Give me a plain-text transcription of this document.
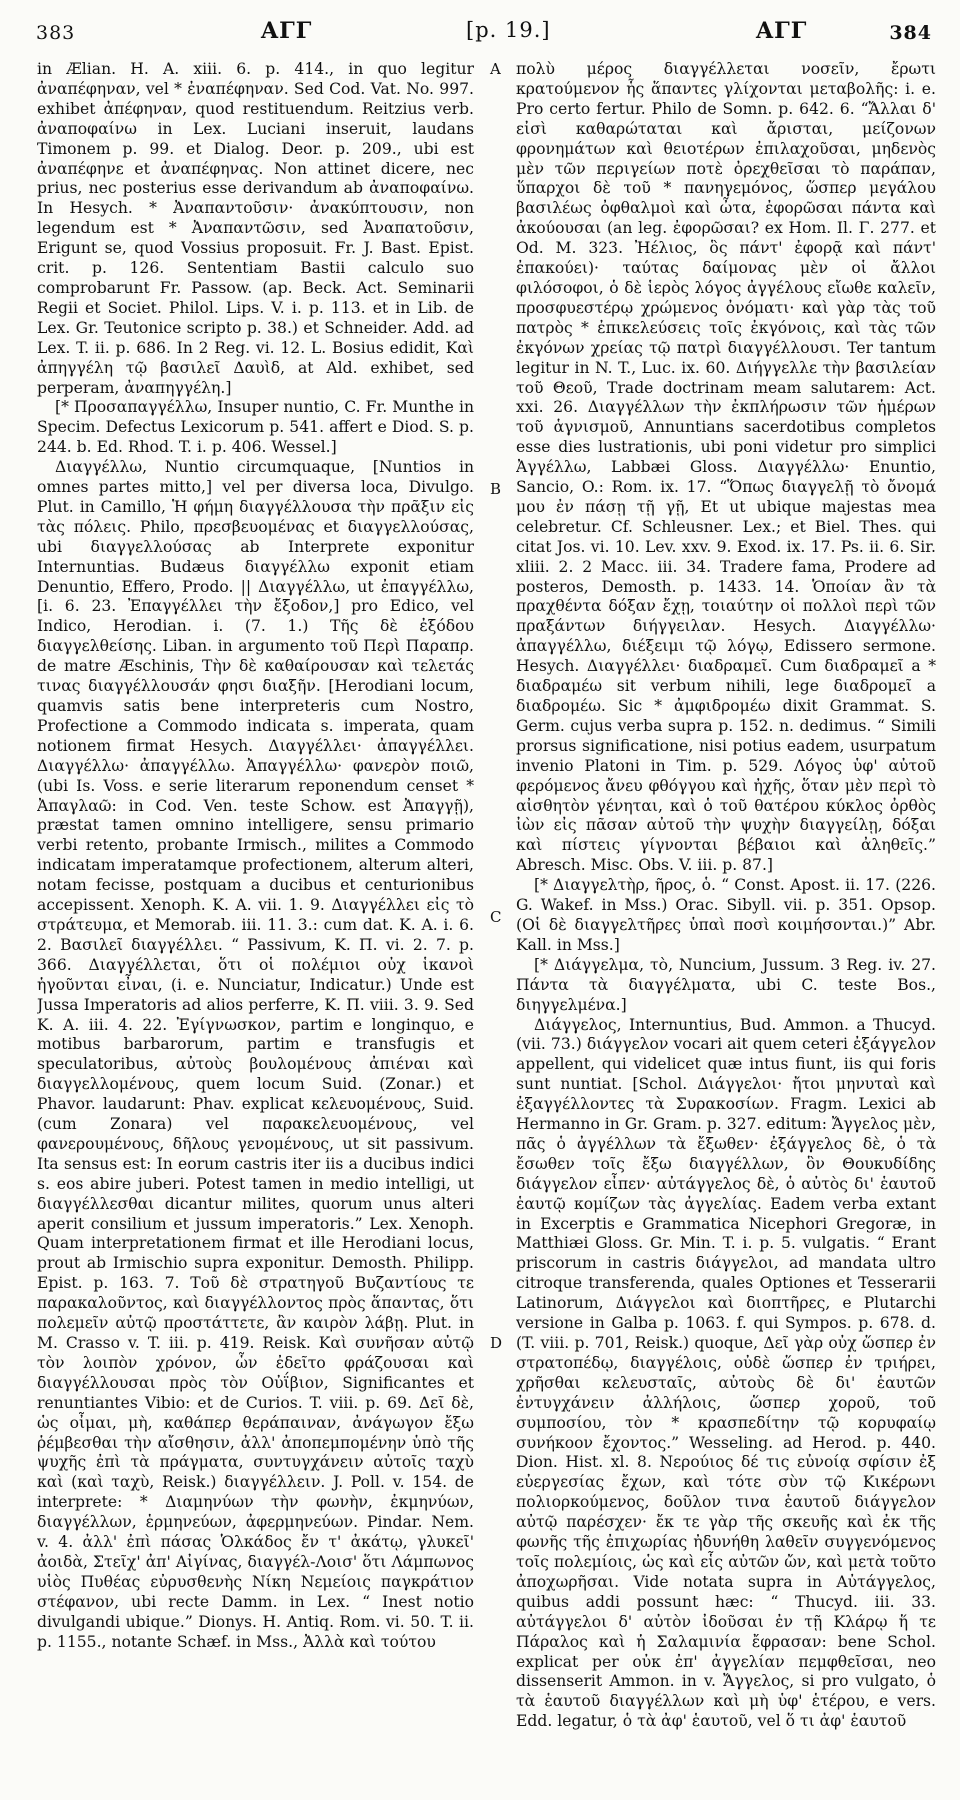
383	ΑΓΓ	[p. 19.]	ΑΓΓ	384

in Ælian. H. A. xiii. 6. p. 414., in quo legitur ἀναπέφηναν, vel * ἐναπέφηναν. Sed Cod. Vat. No. 997. exhibet ἀπέφηναν, quod restituendum. Reitzius verb. ἀναποφαίνω in Lex. Luciani inseruit, laudans Timonem p. 99. et Dialog. Deor. p. 209., ubi est ἀναπέφηνε et ἀναπέφηνας. Non attinet dicere, nec prius, nec posterius esse derivandum ab ἀναποφαίνω. In Hesych. * Ἀναπαντοῦσιν· ἀνακύπτουσιν, non legendum est * Ἀναπαντῶσιν, sed Ἀναπατοῦσιν, Erigunt se, quod Vossius proposuit. Fr. J. Bast. Epist. crit. p. 126. Sententiam Bastii calculo suo comprobarunt Fr. Passow. (ap. Beck. Act. Seminarii Regii et Societ. Philol. Lips. V. i. p. 113. et in Lib. de Lex. Gr. Teutonice scripto p. 38.) et Schneider. Add. ad Lex. T. ii. p. 686. In 2 Reg. vi. 12. L. Bosius edidit, Καὶ ἀπηγγέλη τῷ βασιλεῖ Δαυὶδ, at Ald. exhibet, sed perperam, ἀναπηγγέλη.]

[* Προσαπαγγέλλω, Insuper nuntio, C. Fr. Munthe in Specim. Defectus Lexicorum p. 541. affert e Diod. S. p. 244. b. Ed. Rhod. T. i. p. 406. Wessel.]

Διαγγέλλω, Nuntio circumquaque, [Nuntios in omnes partes mitto,] vel per diversa loca, Divulgo. Plut. in Camillo, Ἡ φήμη διαγγέλλουσα τὴν πρᾶξιν εἰς τὰς πόλεις. Philo, πρεσβευομένας et διαγγελλούσας, ubi διαγγελλούσας ab Interprete exponitur Internuntias. Budæus διαγγέλλω exponit etiam Denuntio, Effero, Prodo. || Διαγγέλλω, ut ἐπαγγέλλω, [i. 6. 23. Ἐπαγγέλλει τὴν ἔξοδον,] pro Edico, vel Indico, Herodian. i. (7. 1.) Τῆς δὲ ἐξόδου διαγγελθείσης. Liban. in argumento τοῦ Περὶ Παραπρ. de matre Æschinis, Τὴν δὲ καθαίρουσαν καὶ τελετάς τινας διαγγέλλουσάν φησι διαξῆν. [Herodiani locum, quamvis satis bene interpreteris cum Nostro, Profectione a Commodo indicata s. imperata, quam notionem firmat Hesych. Διαγγέλλει· ἀπαγγέλλει. Διαγγέλλω· ἀπαγγέλλω. Ἀπαγγέλλω· φανερὸν ποιῶ, (ubi Is. Voss. e serie literarum reponendum censet * Ἀπαγλαῶ: in Cod. Ven. teste Schow. est Ἀπαγγῇ), præstat tamen omnino intelligere, sensu primario verbi retento, probante Irmisch., milites a Commodo indicatam imperatamque profectionem, alterum alteri, notam fecisse, postquam a ducibus et centurionibus accepissent. Xenoph. K. A. vii. 1. 9. Διαγγέλλει εἰς τὸ στράτευμα, et Memorab. iii. 11. 3.: cum dat. K. A. i. 6. 2. Βασιλεῖ διαγγέλλει. “ Passivum, K. Π. vi. 2. 7. p. 366. Διαγγέλλεται, ὅτι οἱ πολέμιοι οὐχ ἱκανοὶ ἡγοῦνται εἶναι, (i. e. Nunciatur, Indicatur.) Unde est Jussa Imperatoris ad alios perferre, K. Π. viii. 3. 9. Sed K. A. iii. 4. 22. Ἐγίγνωσκον, partim e longinquo, e motibus barbarorum, partim e transfugis et speculatoribus, αὐτοὺς βουλομένους ἀπιέναι καὶ διαγγελλομένους, quem locum Suid. (Zonar.) et Phavor. laudarunt: Phav. explicat κελευομένους, Suid. (cum Zonara) vel παρακελευομένους, vel φανερουμένους, δῆλους γενομένους, ut sit passivum. Ita sensus est: In eorum castris iter iis a ducibus indici s. eos abire juberi. Potest tamen in medio intelligi, ut διαγγέλλεσθαι dicantur milites, quorum unus alteri aperit consilium et jussum imperatoris.” Lex. Xenoph. Quam interpretationem firmat et ille Herodiani locus, prout ab Irmischio supra exponitur. Demosth. Philipp. Epist. p. 163. 7. Τοῦ δὲ στρατηγοῦ Βυζαντίους τε παρακαλοῦντος, καὶ διαγγέλλοντος πρὸς ἅπαντας, ὅτι πολεμεῖν αὐτῷ προστάττετε, ἂν καιρὸν λάβῃ. Plut. in M. Crasso v. T. iii. p. 419. Reisk. Καὶ συνῆσαν αὐτῷ τὸν λοιπὸν χρόνον, ὧν ἐδεῖτο φράζουσαι καὶ διαγγέλλουσαι πρὸς τὸν Οὐΐβιον, Significantes et renuntiantes Vibio: et de Curios. T. viii. p. 69. Δεῖ δὲ, ὡς οἶμαι, μὴ, καθάπερ θεράπαιναν, ἀνάγωγον ἔξω ῥέμβεσθαι τὴν αἴσθησιν, ἀλλ' ἀποπεμπομένην ὑπὸ τῆς ψυχῆς ἐπὶ τὰ πράγματα, συντυγχάνειν αὐτοῖς ταχὺ καὶ (καὶ ταχὺ, Reisk.) διαγγέλλειν. J. Poll. v. 154. de interprete: * Διαμηνύων τὴν φωνὴν, ἐκμηνύων, διαγγέλλων, ἑρμηνεύων, ἀφερμηνεύων. Pindar. Nem. v. 4. ἀλλ' ἐπὶ πάσας Ὁλκάδος ἔν τ' ἀκάτῳ, γλυκεῖ' ἀοιδὰ, Στεῖχ' ἀπ' Αἰγίνας, διαγγέλ-Λοισ' ὅτι Λάμπωνος υἱὸς Πυθέας εὐρυσθενὴς Νίκη Νεμείοις παγκράτιον στέφανον, ubi recte Damm. in Lex. “ Inest notio divulgandi ubique.” Dionys. H. Antiq. Rom. vi. 50. T. ii. p. 1155., notante Schæf. in Mss., Ἀλλὰ καὶ τούτου

A
B
C
D

πολὺ μέρος διαγγέλλεται νοσεῖν, ἔρωτι κρατούμενον ἧς ἅπαντες γλίχονται μεταβολῆς: i. e. Pro certo fertur. Philo de Somn. p. 642. 6. “Ἄλλαι δ' εἰσὶ καθαρώταται καὶ ἄρισται, μείζονων φρονημάτων καὶ θειοτέρων ἐπιλαχοῦσαι, μηδενὸς μὲν τῶν περιγείων ποτὲ ὀρεχθεῖσαι τὸ παράπαν, ὕπαρχοι δὲ τοῦ * πανηγεμόνος, ὥσπερ μεγάλου βασιλέως ὀφθαλμοὶ καὶ ὦτα, ἐφορῶσαι πάντα καὶ ἀκούουσαι (an leg. ἐφορῶσαι? ex Hom. Il. Γ. 277. et Od. M. 323. Ἠέλιος, ὃς πάντ' ἐφορᾷ καὶ πάντ' ἐπακούει)· ταύτας δαίμονας μὲν οἱ ἄλλοι φιλόσοφοι, ὁ δὲ ἱερὸς λόγος ἀγγέλους εἴωθε καλεῖν, προσφυεστέρῳ χρώμενος ὀνόματι· καὶ γὰρ τὰς τοῦ πατρὸς * ἐπικελεύσεις τοῖς ἐκγόνοις, καὶ τὰς τῶν ἐκγόνων χρείας τῷ πατρὶ διαγγέλλουσι. Ter tantum legitur in N. T., Luc. ix. 60. Διήγγελλε τὴν βασιλείαν τοῦ Θεοῦ, Trade doctrinam meam salutarem: Act. xxi. 26. Διαγγέλλων τὴν ἐκπλήρωσιν τῶν ἡμέρων τοῦ ἁγνισμοῦ, Annuntians sacerdotibus completos esse dies lustrationis, ubi poni videtur pro simplici Ἀγγέλλω, Labbæi Gloss. Διαγγέλλω· Enuntio, Sancio, O.: Rom. ix. 17. “Ὅπως διαγγελῇ τὸ ὄνομά μου ἐν πάσῃ τῇ γῇ, Et ut ubique majestas mea celebretur. Cf. Schleusner. Lex.; et Biel. Thes. qui citat Jos. vi. 10. Lev. xxv. 9. Exod. ix. 17. Ps. ii. 6. Sir. xliii. 2. 2 Macc. iii. 34. Tradere fama, Prodere ad posteros, Demosth. p. 1433. 14. Ὁποίαν ἂν τὰ πραχθέντα δόξαν ἔχῃ, τοιαύτην οἱ πολλοὶ περὶ τῶν πραξάντων διήγγειλαν. Hesych. Διαγγέλλω· ἀπαγγέλλω, διέξειμι τῷ λόγῳ, Edissero sermone. Hesych. Διαγγέλλει· διαδραμεῖ. Cum διαδραμεῖ a * διαδραμέω sit verbum nihili, lege διαδρομεῖ a διαδρομέω. Sic * ἀμφιδρομέω dixit Grammat. S. Germ. cujus verba supra p. 152. n. dedimus. “ Simili prorsus significatione, nisi potius eadem, usurpatum invenio Platoni in Tim. p. 529. Λόγος ὑφ' αὐτοῦ φερόμενος ἄνευ φθόγγου καὶ ἠχῆς, ὅταν μὲν περὶ τὸ αἰσθητὸν γένηται, καὶ ὁ τοῦ θατέρου κύκλος ὀρθὸς ἰὼν εἰς πᾶσαν αὐτοῦ τὴν ψυχὴν διαγγείλῃ, δόξαι καὶ πίστεις γίγνονται βέβαιοι καὶ ἀληθεῖς.” Abresch. Misc. Obs. V. iii. p. 87.]

[* Διαγγελτὴρ, ῆρος, ὁ. “ Const. Apost. ii. 17. (226. G. Wakef. in Mss.) Orac. Sibyll. vii. p. 351. Opsop. (Οἱ δὲ διαγγελτῆρες ὑπαὶ ποσὶ κοιμήσονται.)” Abr. Kall. in Mss.]

[* Διάγγελμα, τὸ, Nuncium, Jussum. 3 Reg. iv. 27. Πάντα τὰ διαγγέλματα, ubi C. teste Bos., διηγγελμένα.]

Διάγγελος, Internuntius, Bud. Ammon. a Thucyd. (vii. 73.) διάγγελον vocari ait quem ceteri ἐξάγγελον appellent, qui videlicet quæ intus fiunt, iis qui foris sunt nuntiat. [Schol. Διάγγελοι· ἤτοι μηνυταὶ καὶ ἐξαγγέλλοντες τὰ Συρακοσίων. Fragm. Lexici ab Hermanno in Gr. Gram. p. 327. editum: Ἄγγελος μὲν, πᾶς ὁ ἀγγέλλων τὰ ἔξωθεν· ἐξάγγελος δὲ, ὁ τὰ ἔσωθεν τοῖς ἔξω διαγγέλλων, ὃν Θουκυδίδης διάγγελον εἶπεν· αὐτάγγελος δὲ, ὁ αὐτὸς δι' ἑαυτοῦ ἑαυτῷ κομίζων τὰς ἀγγελίας. Eadem verba extant in Excerptis e Grammatica Nicephori Gregoræ, in Matthiæi Gloss. Gr. Min. T. i. p. 5. vulgatis. “ Erant priscorum in castris διάγγελοι, ad mandata ultro citroque transferenda, quales Optiones et Tesserarii Latinorum, Διάγγελοι καὶ διοπτῆρες, e Plutarchi versione in Galba p. 1063. f. qui Sympos. p. 678. d. (T. viii. p. 701, Reisk.) quoque, Δεῖ γὰρ οὐχ ὥσπερ ἐν στρατοπέδῳ, διαγγέλοις, οὐδὲ ὥσπερ ἐν τριήρει, χρῆσθαι κελευσταῖς, αὐτοὺς δὲ δι' ἑαυτῶν ἐντυγχάνειν ἀλλήλοις, ὥσπερ χοροῦ, τοῦ συμποσίου, τὸν * κρασπεδίτην τῷ κορυφαίῳ συνήκοον ἔχοντος.” Wesseling. ad Herod. p. 440. Dion. Hist. xl. 8. Νερούιος δέ τις εὐνοίᾳ σφίσιν ἐξ εὐεργεσίας ἔχων, καὶ τότε σὺν τῷ Κικέρωνι πολιορκούμενος, δοῦλον τινα ἑαυτοῦ διάγγελον αὐτῷ παρέσχεν· ἔκ τε γὰρ τῆς σκευῆς καὶ ἐκ τῆς φωνῆς τῆς ἐπιχωρίας ἠδυνήθη λαθεῖν συγγενόμενος τοῖς πολεμίοις, ὡς καὶ εἷς αὐτῶν ὤν, καὶ μετὰ τοῦτο ἀποχωρῆσαι. Vide notata supra in Αὐτάγγελος, quibus addi possunt hæc: “ Thucyd. iii. 33. αὐτάγγελοι δ' αὐτὸν ἰδοῦσαι ἐν τῇ Κλάρῳ ἥ τε Πάραλος καὶ ἡ Σαλαμινία ἔφρασαν: bene Schol. explicat per οὐκ ἐπ' ἀγγελίαν πεμφθεῖσαι, neo dissenserit Ammon. in v. Ἄγγελος, si pro vulgato, ὁ τὰ ἑαυτοῦ διαγγέλλων καὶ μὴ ὑφ' ἑτέρου, e vers. Edd. legatur, ὁ τὰ ἀφ' ἑαυτοῦ, vel ὅ τι ἀφ' ἑαυτοῦ
